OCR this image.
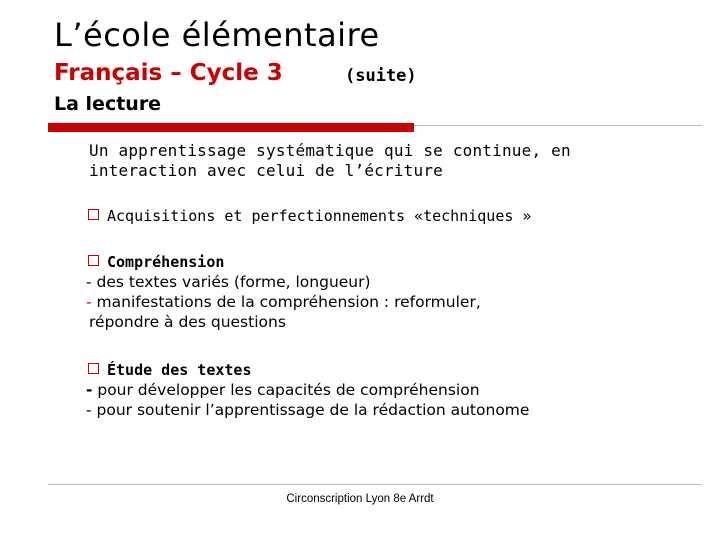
L’école élémentaire
Français – Cycle 3	(suite)
La lecture
Un apprentissage systématique qui se continue, en
interaction avec celui de l’écriture
Acquisitions et perfectionnements «techniques »
Compréhension
- des textes variés (forme, longueur)
- manifestations de la compréhension : reformuler,
répondre à des questions
Étude des textes
- pour développer les capacités de compréhension
- pour soutenir l’apprentissage de la rédaction autonome
Circonscription Lyon 8e Arrdt
